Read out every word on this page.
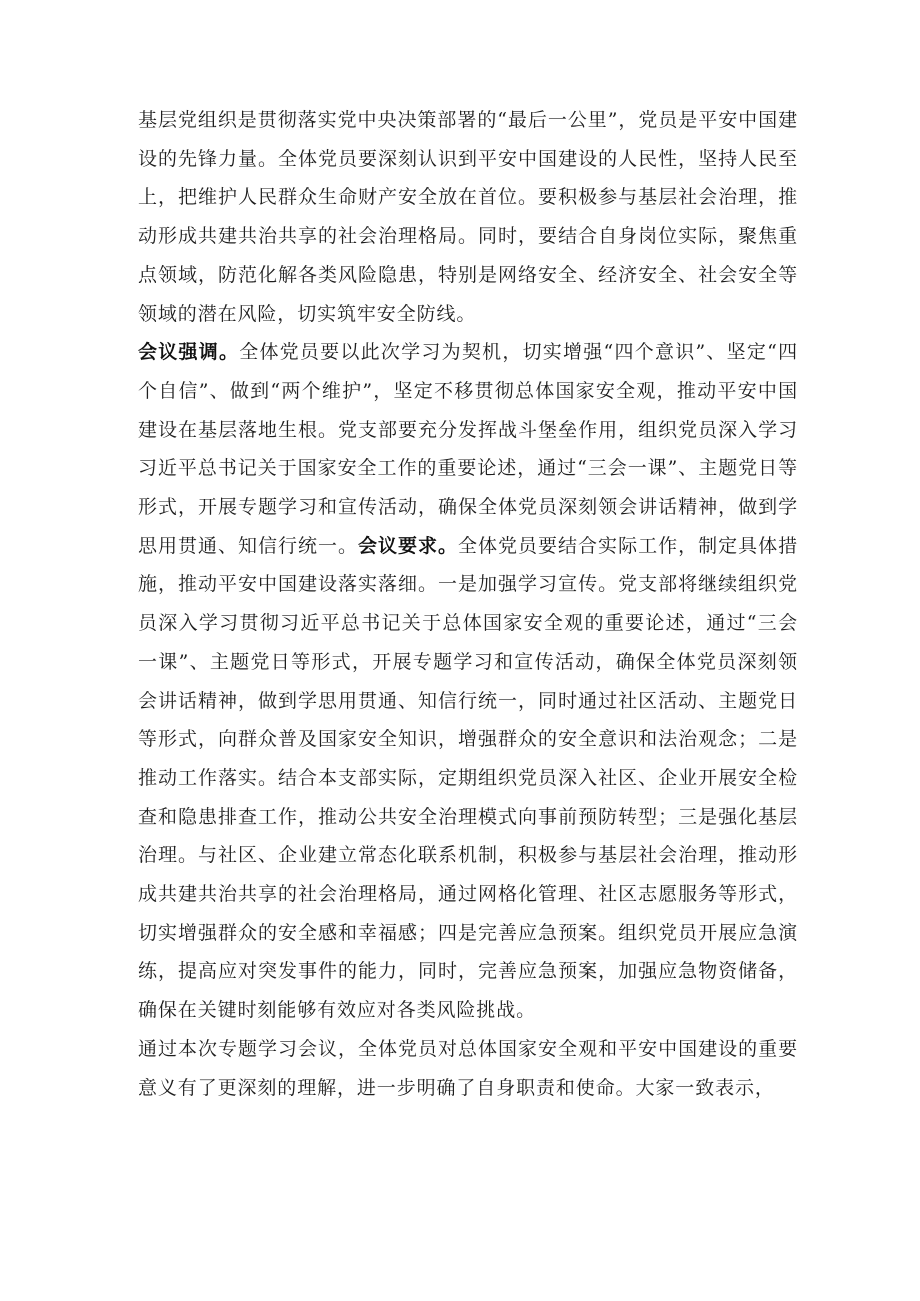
基层党组织是贯彻落实党中央决策部署的“最后一公里”，党员是平安中国建设的先锋力量。全体党员要深刻认识到平安中国建设的人民性，坚持人民至上，把维护人民群众生命财产安全放在首位。要积极参与基层社会治理，推动形成共建共治共享的社会治理格局。同时，要结合自身岗位实际，聚焦重点领域，防范化解各类风险隐患，特别是网络安全、经济安全、社会安全等领域的潜在风险，切实筑牢安全防线。

会议强调。全体党员要以此次学习为契机，切实增强“四个意识”、坚定“四个自信”、做到“两个维护”，坚定不移贯彻总体国家安全观，推动平安中国建设在基层落地生根。党支部要充分发挥战斗堡垒作用，组织党员深入学习习近平总书记关于国家安全工作的重要论述，通过“三会一课”、主题党日等形式，开展专题学习和宣传活动，确保全体党员深刻领会讲话精神，做到学思用贯通、知信行统一。会议要求。全体党员要结合实际工作，制定具体措施，推动平安中国建设落实落细。一是加强学习宣传。党支部将继续组织党员深入学习贯彻习近平总书记关于总体国家安全观的重要论述，通过“三会一课”、主题党日等形式，开展专题学习和宣传活动，确保全体党员深刻领会讲话精神，做到学思用贯通、知信行统一，同时通过社区活动、主题党日等形式，向群众普及国家安全知识，增强群众的安全意识和法治观念；二是推动工作落实。结合本支部实际，定期组织党员深入社区、企业开展安全检查和隐患排查工作，推动公共安全治理模式向事前预防转型；三是强化基层治理。与社区、企业建立常态化联系机制，积极参与基层社会治理，推动形成共建共治共享的社会治理格局，通过网格化管理、社区志愿服务等形式，切实增强群众的安全感和幸福感；四是完善应急预案。组织党员开展应急演练，提高应对突发事件的能力，同时，完善应急预案，加强应急物资储备，确保在关键时刻能够有效应对各类风险挑战。

通过本次专题学习会议，全体党员对总体国家安全观和平安中国建设的重要意义有了更深刻的理解，进一步明确了自身职责和使命。大家一致表示，
